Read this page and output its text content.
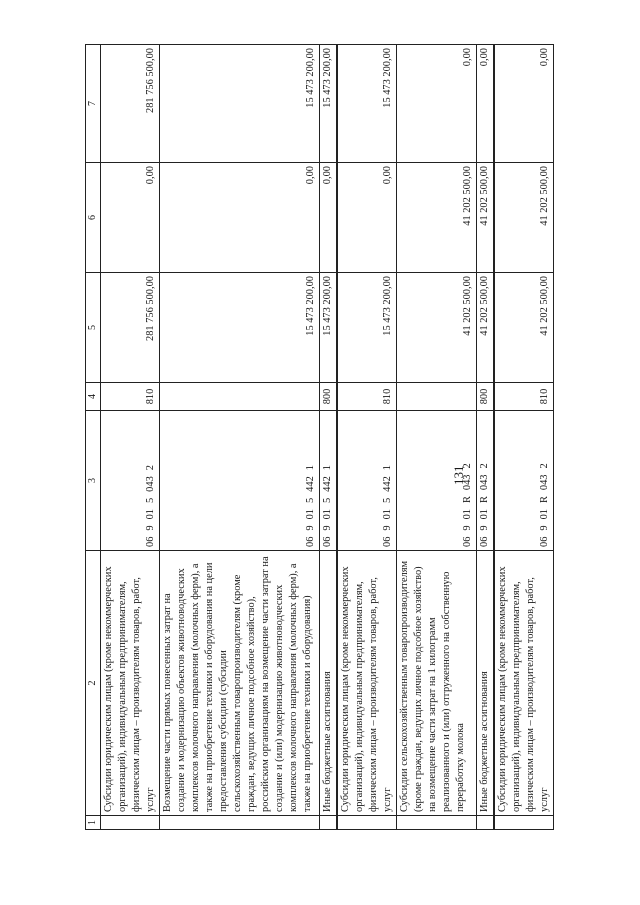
131
1	2	3	4	5	6	7
	Субсидии юридическим лицам (кроме некоммерческих организаций), индивидуальным предпринимателям, физическим лицам – производителям товаров, работ, услуг	0690150432	810	281 756 500,00	0,00	281 756 500,00
	Возмещение части прямых понесенных затрат на создание и модернизацию объектов животноводческих комплексов молочного направления (молочных ферм), а также на приобретение техники и оборудования на цели предоставления субсидии (субсидии сельскохозяйственным товаропроизводителям (кроме граждан, ведущих личное подсобное хозяйство), российским организациям на возмещение части затрат на создание и (или) модернизацию животноводческих комплексов молочного направления (молочных ферм), а также на приобретение техники и оборудования)	0690154421		15 473 200,00	0,00	15 473 200,00
	Иные бюджетные ассигнования	0690154421	800	15 473 200,00	0,00	15 473 200,00
	Субсидии юридическим лицам (кроме некоммерческих организаций), индивидуальным предпринимателям, физическим лицам – производителям товаров, работ, услуг	0690154421	810	15 473 200,00	0,00	15 473 200,00
	Субсидии сельскохозяйственным товаропроизводителям (кроме граждан, ведущих личное подсобное хозяйство) на возмещение части затрат на 1 килограмм реализованного и (или) отгруженного на собственную переработку молока	06901R0432		41 202 500,00	41 202 500,00	0,00
	Иные бюджетные ассигнования	06901R0432	800	41 202 500,00	41 202 500,00	0,00
	Субсидии юридическим лицам (кроме некоммерческих организаций), индивидуальным предпринимателям, физическим лицам – производителям товаров, работ, услуг	06901R0432	810	41 202 500,00	41 202 500,00	0,00
